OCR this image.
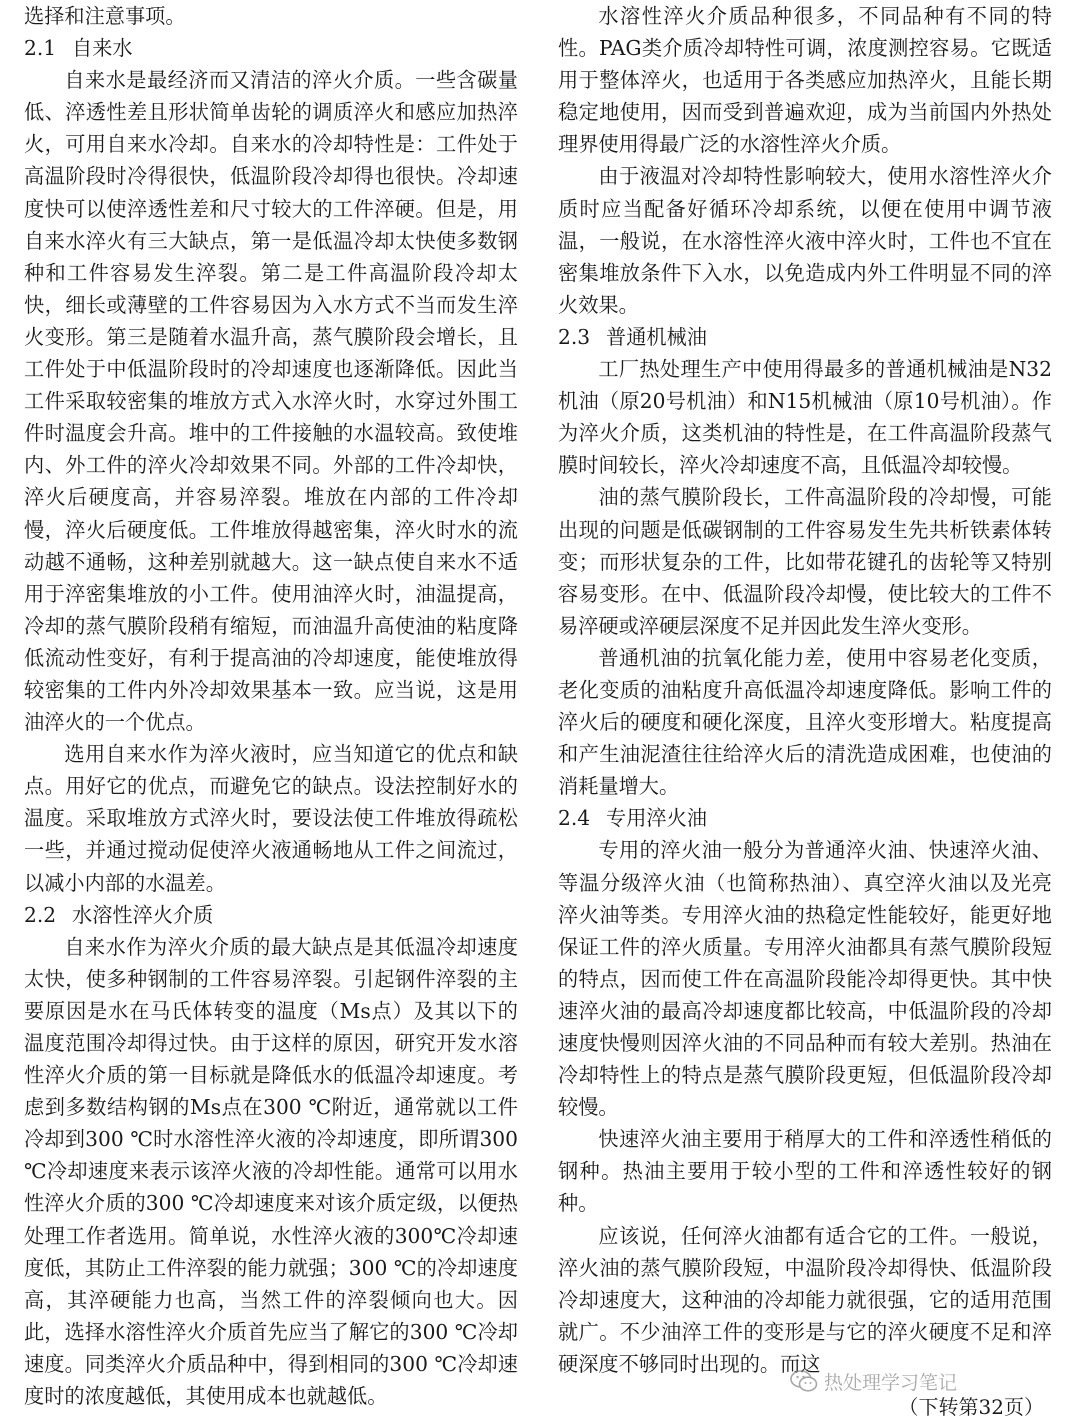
选择和注意事项。

2.1 自来水

自来水是最经济而又清洁的淬火介质。一些含碳量低、淬透性差且形状简单齿轮的调质淬火和感应加热淬火，可用自来水冷却。自来水的冷却特性是：工件处于高温阶段时冷得很快，低温阶段冷却得也很快。冷却速度快可以使淬透性差和尺寸较大的工件淬硬。但是，用自来水淬火有三大缺点，第一是低温冷却太快使多数钢种和工件容易发生淬裂。第二是工件高温阶段冷却太快，细长或薄壁的工件容易因为入水方式不当而发生淬火变形。第三是随着水温升高，蒸气膜阶段会增长，且工件处于中低温阶段时的冷却速度也逐渐降低。因此当工件采取较密集的堆放方式入水淬火时，水穿过外围工件时温度会升高。堆中的工件接触的水温较高。致使堆内、外工件的淬火冷却效果不同。外部的工件冷却快，淬火后硬度高，并容易淬裂。堆放在内部的工件冷却慢，淬火后硬度低。工件堆放得越密集，淬火时水的流动越不通畅，这种差别就越大。这一缺点使自来水不适用于淬密集堆放的小工件。使用油淬火时，油温提高，冷却的蒸气膜阶段稍有缩短，而油温升高使油的粘度降低流动性变好，有利于提高油的冷却速度，能使堆放得较密集的工件内外冷却效果基本一致。应当说，这是用油淬火的一个优点。

选用自来水作为淬火液时，应当知道它的优点和缺点。用好它的优点，而避免它的缺点。设法控制好水的温度。采取堆放方式淬火时，要设法使工件堆放得疏松一些，并通过搅动促使淬火液通畅地从工件之间流过，以减小内部的水温差。

2.2 水溶性淬火介质

自来水作为淬火介质的最大缺点是其低温冷却速度太快，使多种钢制的工件容易淬裂。引起钢件淬裂的主要原因是水在马氏体转变的温度（Ms点）及其以下的温度范围冷却得过快。由于这样的原因，研究开发水溶性淬火介质的第一目标就是降低水的低温冷却速度。考虑到多数结构钢的Ms点在300 ℃附近，通常就以工件冷却到300 ℃时水溶性淬火液的冷却速度，即所谓300 ℃冷却速度来表示该淬火液的冷却性能。通常可以用水性淬火介质的300 ℃冷却速度来对该介质定级，以便热处理工作者选用。简单说，水性淬火液的300℃冷却速度低，其防止工件淬裂的能力就强；300 ℃的冷却速度高，其淬硬能力也高，当然工件的淬裂倾向也大。因此，选择水溶性淬火介质首先应当了解它的300 ℃冷却速度。同类淬火介质品种中，得到相同的300 ℃冷却速度时的浓度越低，其使用成本也就越低。

水溶性淬火介质品种很多，不同品种有不同的特性。PAG类介质冷却特性可调，浓度测控容易。它既适用于整体淬火，也适用于各类感应加热淬火，且能长期稳定地使用，因而受到普遍欢迎，成为当前国内外热处理界使用得最广泛的水溶性淬火介质。

由于液温对冷却特性影响较大，使用水溶性淬火介质时应当配备好循环冷却系统，以便在使用中调节液温，一般说，在水溶性淬火液中淬火时，工件也不宜在密集堆放条件下入水，以免造成内外工件明显不同的淬火效果。

2.3 普通机械油

工厂热处理生产中使用得最多的普通机械油是N32机油（原20号机油）和N15机械油（原10号机油）。作为淬火介质，这类机油的特性是，在工件高温阶段蒸气膜时间较长，淬火冷却速度不高，且低温冷却较慢。

油的蒸气膜阶段长，工件高温阶段的冷却慢，可能出现的问题是低碳钢制的工件容易发生先共析铁素体转变；而形状复杂的工件，比如带花键孔的齿轮等又特别容易变形。在中、低温阶段冷却慢，使比较大的工件不易淬硬或淬硬层深度不足并因此发生淬火变形。

普通机油的抗氧化能力差，使用中容易老化变质，老化变质的油粘度升高低温冷却速度降低。影响工件的淬火后的硬度和硬化深度，且淬火变形增大。粘度提高和产生油泥渣往往给淬火后的清洗造成困难，也使油的消耗量增大。

2.4 专用淬火油

专用的淬火油一般分为普通淬火油、快速淬火油、等温分级淬火油（也简称热油）、真空淬火油以及光亮淬火油等类。专用淬火油的热稳定性能较好，能更好地保证工件的淬火质量。专用淬火油都具有蒸气膜阶段短的特点，因而使工件在高温阶段能冷却得更快。其中快速淬火油的最高冷却速度都比较高，中低温阶段的冷却速度快慢则因淬火油的不同品种而有较大差别。热油在冷却特性上的特点是蒸气膜阶段更短，但低温阶段冷却较慢。

快速淬火油主要用于稍厚大的工件和淬透性稍低的钢种。热油主要用于较小型的工件和淬透性较好的钢种。

应该说，任何淬火油都有适合它的工件。一般说，淬火油的蒸气膜阶段短，中温阶段冷却得快、低温阶段冷却速度大，这种油的冷却能力就很强，它的适用范围就广。不少油淬工件的变形是与它的淬火硬度不足和淬硬深度不够同时出现的。而这

热处理学习笔记
（下转第32页）
